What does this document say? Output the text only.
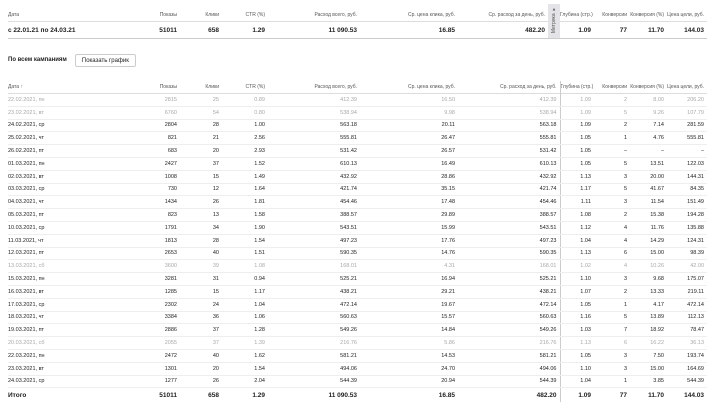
Дата	Показы	Клики	CTR (%)	Расход всего, руб.	Ср. цена клика, руб.	Ср. расход за день, руб.	Метрика ▾	Глубина (стр.)	Конверсии	Конверсия (%)	Цена цели, руб.
с 22.01.21 по 24.03.21	51011	658	1.29	11 090.53	16.85	482.20		1.09	77	11.70	144.03
По всем кампаниям	Показать график
Дата ↑	Показы	Клики	CTR (%)	Расход всего, руб.	Ср. цена клика, руб.	Ср. расход за день, руб.	Глубина (стр.)	Конверсии	Конверсия (%)	Цена цели, руб.
22.02.2021, пн	2815	25	0.89	412.39	16.50	412.39	1.09	2	8.00	206.20
23.02.2021, вт	6760	54	0.80	538.94	9.98	538.94	1.09	5	9.26	107.79
24.02.2021, ср	2804	28	1.00	563.18	20.11	563.18	1.09	2	7.14	281.59
25.02.2021, чт	821	21	2.56	555.81	26.47	555.81	1.05	1	4.76	555.81
26.02.2021, пт	683	20	2.93	531.42	26.57	531.42	1.05	–	–	–
01.03.2021, пн	2427	37	1.52	610.13	16.49	610.13	1.05	5	13.51	122.03
02.03.2021, вт	1008	15	1.49	432.92	28.86	432.92	1.13	3	20.00	144.31
03.03.2021, ср	730	12	1.64	421.74	35.15	421.74	1.17	5	41.67	84.35
04.03.2021, чт	1434	26	1.81	454.46	17.48	454.46	1.11	3	11.54	151.49
05.03.2021, пт	823	13	1.58	388.57	29.89	388.57	1.08	2	15.38	194.28
10.03.2021, ср	1791	34	1.90	543.51	15.99	543.51	1.12	4	11.76	135.88
11.03.2021, чт	1813	28	1.54	497.23	17.76	497.23	1.04	4	14.29	124.31
12.03.2021, пт	2653	40	1.51	590.35	14.76	590.35	1.13	6	15.00	98.39
13.03.2021, сб	3600	39	1.08	168.01	4.31	168.01	1.02	4	10.26	42.00
15.03.2021, пн	3281	31	0.94	525.21	16.94	525.21	1.10	3	9.68	175.07
16.03.2021, вт	1285	15	1.17	438.21	29.21	438.21	1.07	2	13.33	219.11
17.03.2021, ср	2302	24	1.04	472.14	19.67	472.14	1.05	1	4.17	472.14
18.03.2021, чт	3384	36	1.06	560.63	15.57	560.63	1.16	5	13.89	112.13
19.03.2021, пт	2886	37	1.28	549.26	14.84	549.26	1.03	7	18.92	78.47
20.03.2021, сб	2055	37	1.39	216.76	5.86	216.76	1.13	6	16.22	36.13
22.03.2021, пн	2472	40	1.62	581.21	14.53	581.21	1.05	3	7.50	193.74
23.03.2021, вт	1301	20	1.54	494.06	24.70	494.06	1.10	3	15.00	164.69
24.03.2021, ср	1277	26	2.04	544.39	20.94	544.39	1.04	1	3.85	544.39
Итого	51011	658	1.29	11 090.53	16.85	482.20	1.09	77	11.70	144.03
